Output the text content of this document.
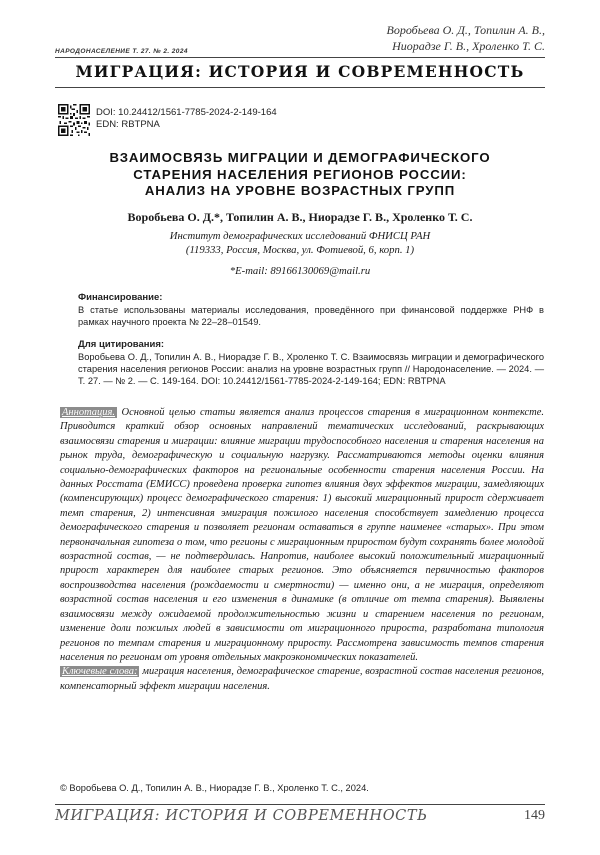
Воробьева О. Д., Топилин А. В.,
Ниорадзе Г. В., Хроленко Т. С.
НАРОДОНАСЕЛЕНИЕ Т. 27. № 2. 2024
МИГРАЦИЯ: ИСТОРИЯ И СОВРЕМЕННОСТЬ
DOI: 10.24412/1561-7785-2024-2-149-164
EDN: RBTPNA
ВЗАИМОСВЯЗЬ МИГРАЦИИ И ДЕМОГРАФИЧЕСКОГО
СТАРЕНИЯ НАСЕЛЕНИЯ РЕГИОНОВ РОССИИ:
АНАЛИЗ НА УРОВНЕ ВОЗРАСТНЫХ ГРУПП
Воробьева О. Д.*, Топилин А. В., Ниорадзе Г. В., Хроленко Т. С.
Институт демографических исследований ФНИСЦ РАН
(119333, Россия, Москва, ул. Фотиевой, 6, корп. 1)
*E-mail: 89166130069@mail.ru
Финансирование:
В статье использованы материалы исследования, проведённого при финансовой поддержке РНФ в рамках научного проекта № 22–28–01549.
Для цитирования:
Воробьева О. Д., Топилин А. В., Ниорадзе Г. В., Хроленко Т. С. Взаимосвязь миграции и демографического старения населения регионов России: анализ на уровне возрастных групп // Народонаселение. — 2024. — Т. 27. — № 2. — С. 149-164. DOI: 10.24412/1561-7785-2024-2-149-164; EDN: RBTPNA
Аннотация. Основной целью статьи является анализ процессов старения в миграционном контексте. Приводится краткий обзор основных направлений тематических исследований, раскрывающих взаимосвязи старения и миграции: влияние миграции трудоспособного населения и старения населения на рынок труда, демографическую и социальную нагрузку. Рассматриваются методы оценки влияния социально-демографических факторов на региональные особенности старения населения России. На данных Росстата (ЕМИСС) проведена проверка гипотез влияния двух эффектов миграции, замедляющих (компенсирующих) процесс демографического старения: 1) высокий миграционный прирост сдерживает темп старения, 2) интенсивная эмиграция пожилого населения способствует замедлению процесса демографического старения и позволяет регионам оставаться в группе наименее «старых». При этом первоначальная гипотеза о том, что регионы с миграционным приростом будут сохранять более молодой возрастной состав, — не подтвердилась. Напротив, наиболее высокий положительный миграционный прирост характерен для наиболее старых регионов. Это объясняется первичностью факторов воспроизводства населения (рождаемости и смертности) — именно они, а не миграция, определяют возрастной состав населения и его изменения в динамике (в отличие от темпа старения). Выявлены взаимосвязи между ожидаемой продолжительностью жизни и старением населения по регионам, изменение доли пожилых людей в зависимости от миграционного прироста, разработана типология регионов по темпам старения и миграционному приросту. Рассмотрена зависимость темпов старения населения по регионам от уровня отдельных макроэкономических показателей.
Ключевые слова: миграция населения, демографическое старение, возрастной состав населения регионов, компенсаторный эффект миграции населения.
© Воробьева О. Д., Топилин А. В., Ниорадзе Г. В., Хроленко Т. С., 2024.
МИГРАЦИЯ: ИСТОРИЯ И СОВРЕМЕННОСТЬ	149
